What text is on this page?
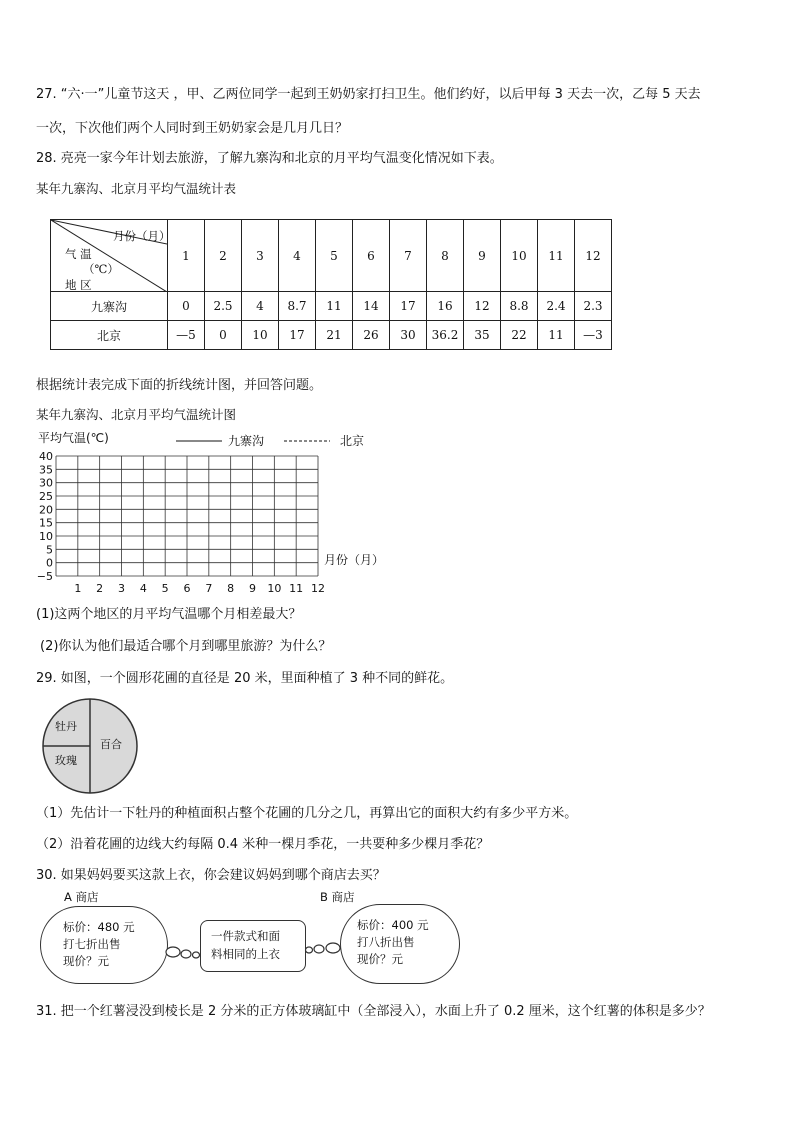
27. “六·一”儿童节这天 ，甲、乙两位同学一起到王奶奶家打扫卫生。他们约好，以后甲每 3 天去一次，乙每 5 天去
一次，下次他们两个人同时到王奶奶家会是几月几日？
28. 亮亮一家今年计划去旅游，了解九寨沟和北京的月平均气温变化情况如下表。
某年九寨沟、北京月平均气温统计表
月份（月）
气 温
（℃）
地 区	1	2	3	4	5	6	7	8	9	10	11	12
九寨沟	0	2.5	4	8.7	11	14	17	16	12	8.8	2.4	2.3
北京	—5	0	10	17	21	26	30	36.2	35	22	11	—3
根据统计表完成下面的折线统计图，并回答问题。
某年九寨沟、北京月平均气温统计图
40
35
30
25
20
15
10
5
0
−5
1 2 3 4 5 6 7 8 9 10 11 12
平均气温(℃)
月份（月）
九寨沟	北京
(1)这两个地区的月平均气温哪个月相差最大？
(2)你认为他们最适合哪个月到哪里旅游？为什么？
29. 如图，一个圆形花圃的直径是 20 米，里面种植了 3 种不同的鲜花。
牡丹
玫瑰
百合
（1）先估计一下牡丹的种植面积占整个花圃的几分之几，再算出它的面积大约有多少平方米。
（2）沿着花圃的边线大约每隔 0.4 米种一棵月季花，一共要种多少棵月季花？
30. 如果妈妈要买这款上衣，你会建议妈妈到哪个商店去买？
A 商店
标价：480 元
打七折出售
现价？元
一件款式和面
料相同的上衣
B 商店
标价：400 元
打八折出售
现价？元
31. 把一个红薯浸没到棱长是 2 分米的正方体玻璃缸中（全部浸入），水面上升了 0.2 厘米，这个红薯的体积是多少？
